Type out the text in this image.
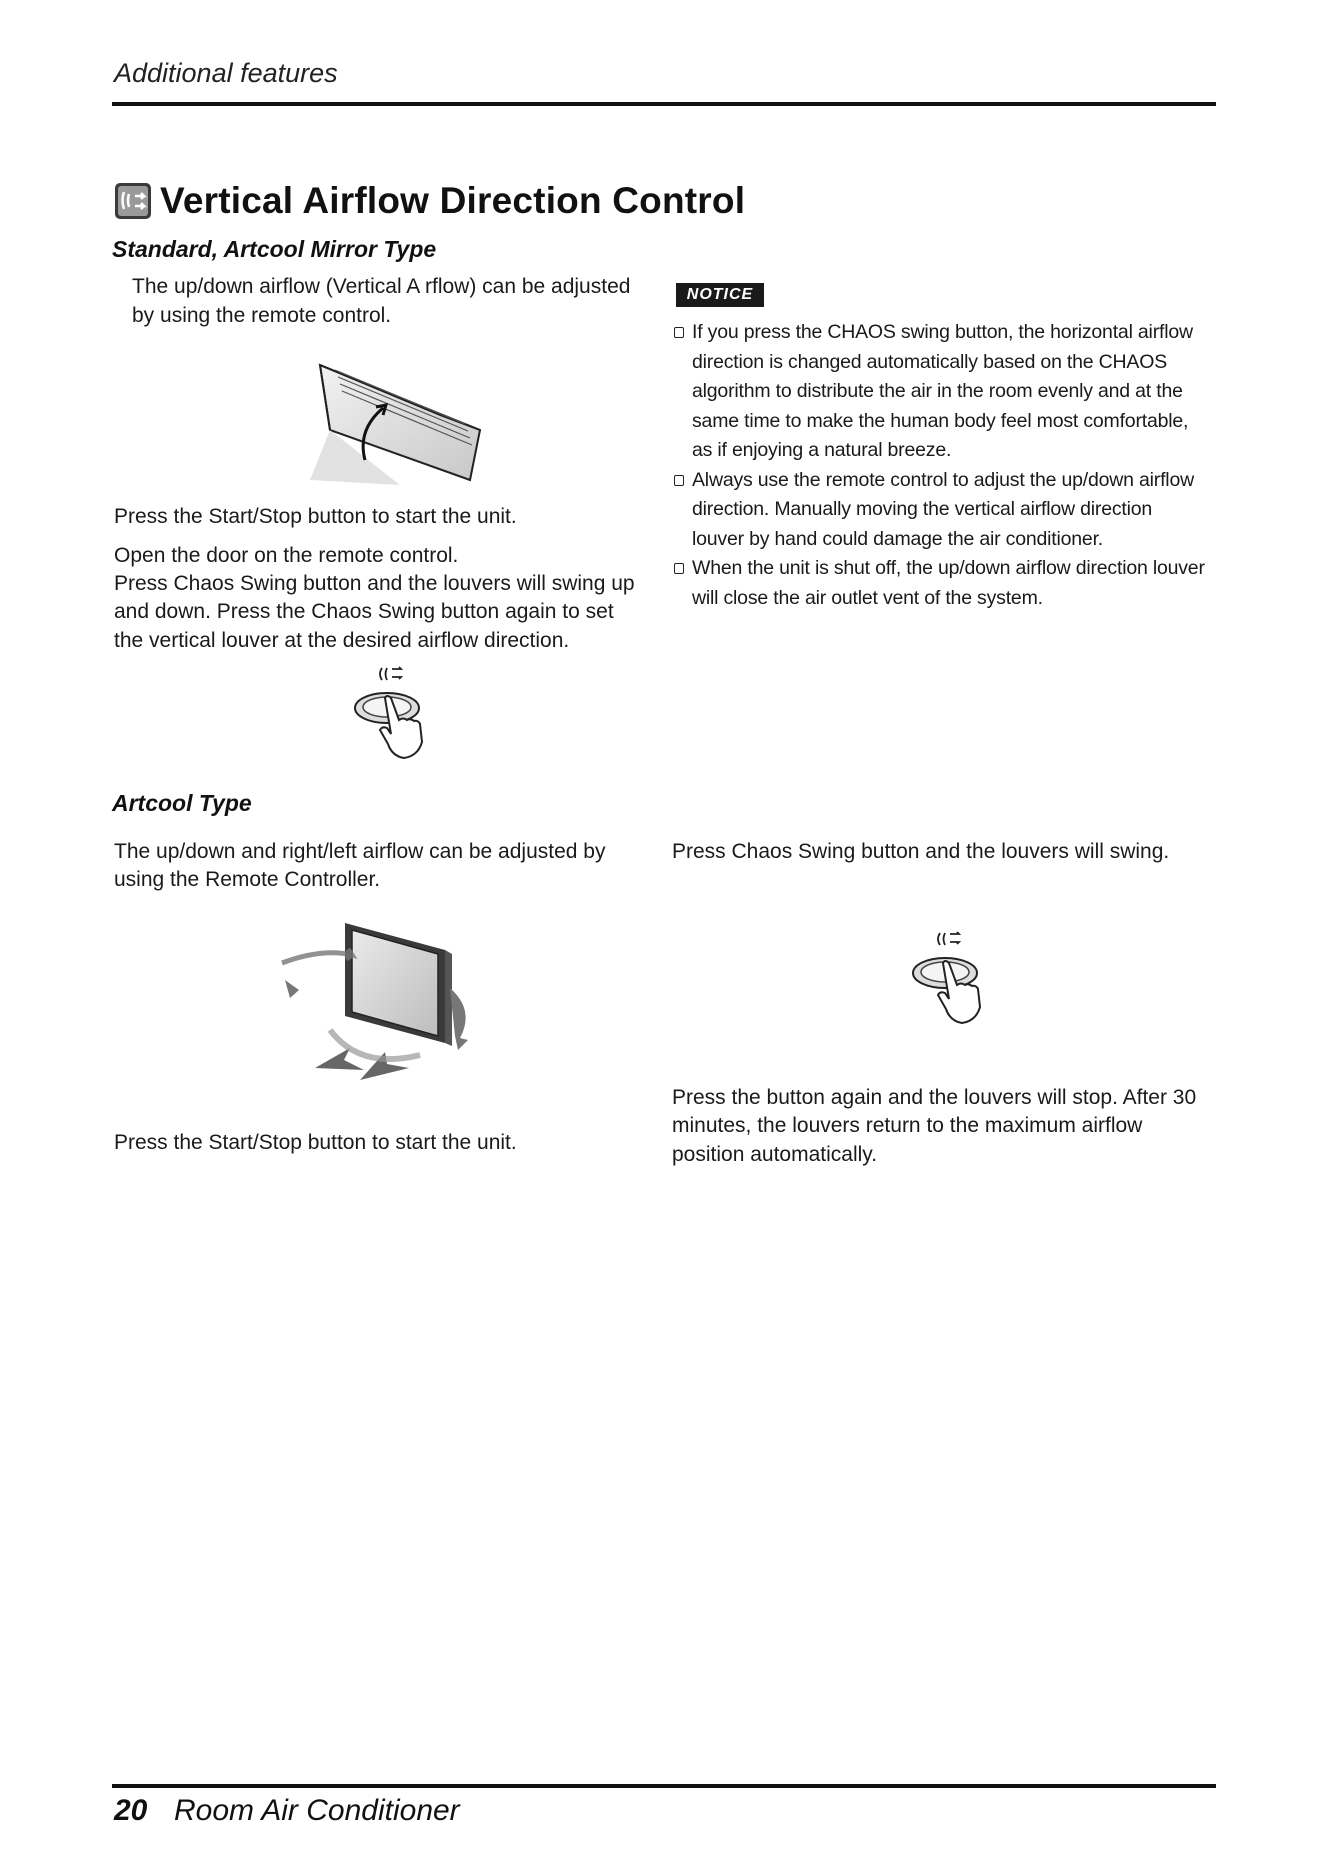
Additional features
Vertical Airflow Direction Control
Standard, Artcool Mirror Type

The up/down airflow (Vertical A rflow) can be adjusted

by using the remote control.

Press the Start/Stop button to start the unit.

Open the door on the remote control.

Press Chaos Swing button and the louvers will swing up

and down. Press the Chaos Swing button again to set

the vertical louver at the desired airflow direction.

NOTICE
If you press the CHAOS swing button, the horizontal airflow
direction is changed automatically based on the CHAOS
algorithm to distribute the air in the room evenly and at the
same time to make the human body feel most comfortable,
as if enjoying a natural breeze.
Always use the remote control to adjust the up/down airflow
direction. Manually moving the vertical airflow direction
louver by hand could damage the air conditioner.
When the unit is shut off, the up/down airflow direction louver
will close the air outlet vent of the system.
Artcool Type

The up/down and right/left airflow can be adjusted by

using the Remote Controller.

Press the Start/Stop button to start the unit.

Press Chaos Swing button and the louvers will swing.

Press the button again and the louvers will stop. After 30

minutes, the louvers return to the maximum airflow

position automatically.

20 Room Air Conditioner
